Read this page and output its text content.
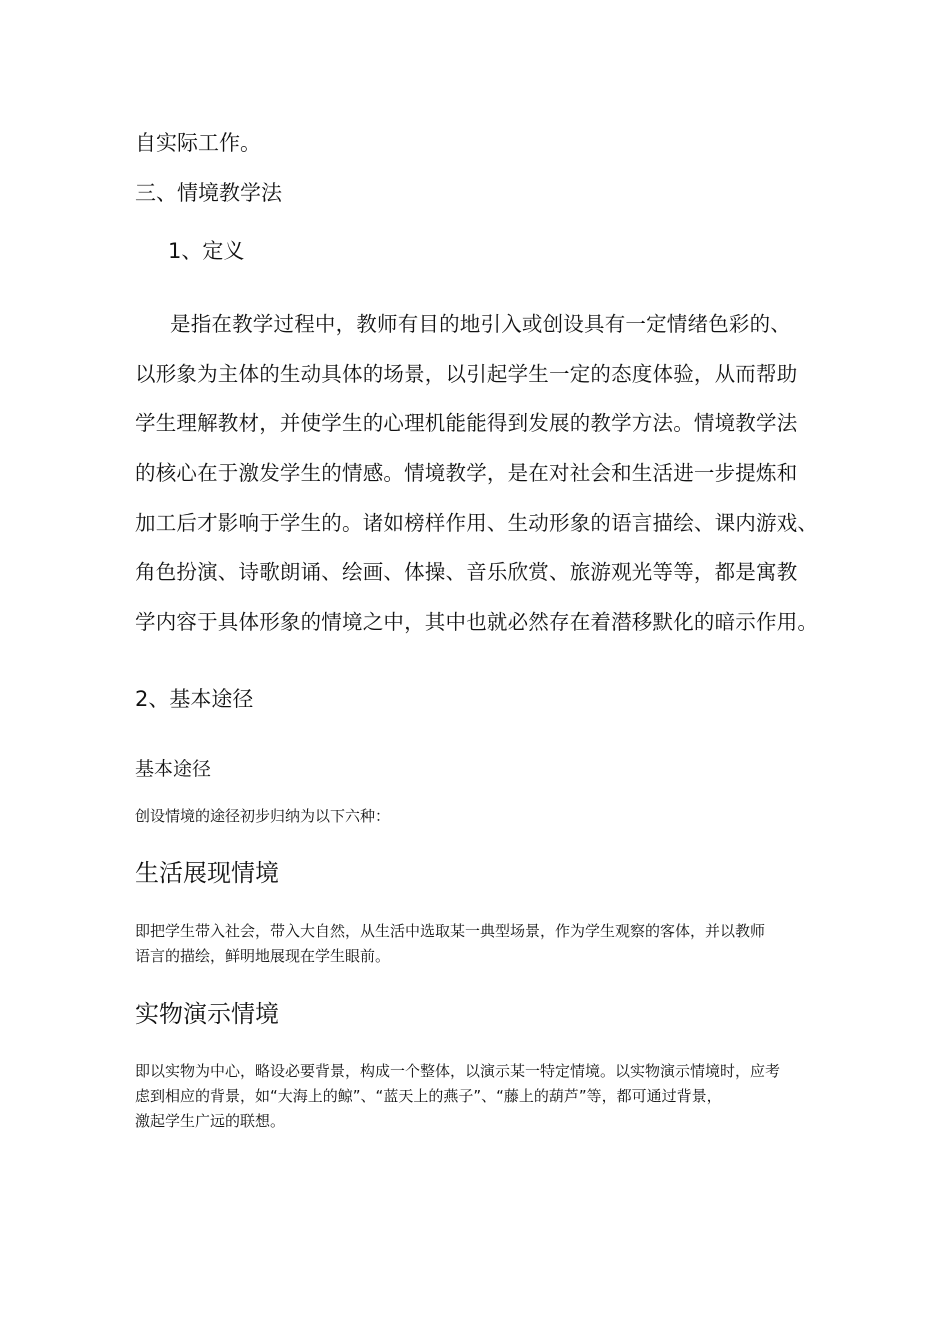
自实际工作。

三、情境教学法

1、定义

是指在教学过程中，教师有目的地引入或创设具有一定情绪色彩的、

以形象为主体的生动具体的场景，以引起学生一定的态度体验，从而帮助

学生理解教材，并使学生的心理机能能得到发展的教学方法。情境教学法

的核心在于激发学生的情感。情境教学，是在对社会和生活进一步提炼和

加工后才影响于学生的。诸如榜样作用、生动形象的语言描绘、课内游戏、

角色扮演、诗歌朗诵、绘画、体操、音乐欣赏、旅游观光等等，都是寓教

学内容于具体形象的情境之中，其中也就必然存在着潜移默化的暗示作用。

2、基本途径

基本途径

创设情境的途径初步归纳为以下六种：

生活展现情境

即把学生带入社会，带入大自然，从生活中选取某一典型场景，作为学生观察的客体，并以教师

语言的描绘，鲜明地展现在学生眼前。

实物演示情境

即以实物为中心，略设必要背景，构成一个整体，以演示某一特定情境。以实物演示情境时，应考

虑到相应的背景，如“大海上的鲸”、“蓝天上的燕子”、“藤上的葫芦”等，都可通过背景，

激起学生广远的联想。
